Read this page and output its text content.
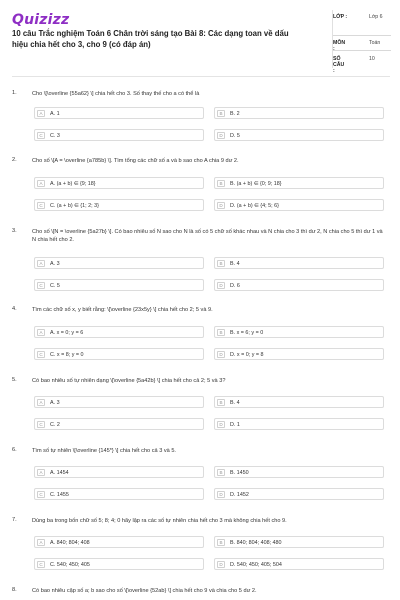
Quizizz
10 câu Trắc nghiệm Toán 6 Chân trời sáng tạo Bài 8: Các dạng toan về dấu hiệu chia hết cho 3, cho 9 (có đáp án)
LỚP :	Lớp 6
MÔN :
Toán
SỐ CÂU :
10
1.	Cho \[\overline {55a62} \] chia hết cho 3. Số thay thế cho a có thể là
A	A. 1	B	B. 2
C	C. 3	D	D. 5
2.	Cho số \[A = \overline {a785b} \]. Tìm tổng các chữ số a và b sao cho A chia 9 dư 2.
A	A. (a + b) ∈ {9; 18}	B	B. (a + b) ∈ {0; 9; 18}
C	C. (a + b) ∈ {1; 2; 3}	D	D. (a + b) ∈ {4; 5; 6}
3.	Cho số \[N = \overline {5a27b} \]. Có bao nhiêu số N sao cho N là số có 5 chữ số khác nhau và N chia cho 3 thì dư 2, N chia cho 5 thì dư 1 và N chia hết cho 2.
A	A. 3	B	B. 4
C	C. 5	D	D. 6
4.	Tìm các chữ số x, y biết rằng: \[\overline {23x5y} \] chia hết cho 2; 5 và 9.
A	A. x = 0; y = 6	B	B. x = 6; y = 0
C	C. x = 8; y = 0	D	D. x = 0; y = 8
5.	Có bao nhiêu số tự nhiên dạng \[\overline {5a42b} \] chia hết cho cả 2; 5 và 3?
A	A. 3	B	B. 4
C	C. 2	D	D. 1
6.	Tìm số tự nhiên \[\overline {145*} \] chia hết cho cả 3 và 5.
A	A. 1454	B	B. 1450
C	C. 1455	D	D. 1452
7.	Dùng ba trong bốn chữ số 5; 8; 4; 0 hãy lập ra các số tự nhiên chia hết cho 3 mà không chia hết cho 9.
A	A. 840; 804; 408	B	B. 840; 804; 408; 480
C	C. 540; 450; 405	D	D. 540; 450; 405; 504
8.	Có bao nhiêu cặp số a; b sao cho số \[\overline {52ab} \] chia hết cho 9 và chia cho 5 dư 2.
